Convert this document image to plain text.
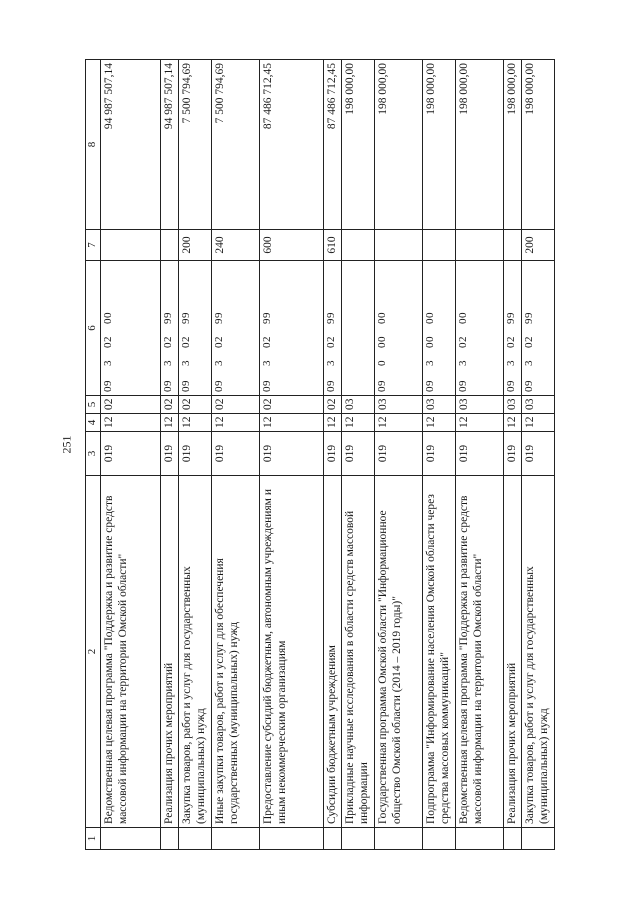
251
1	2	3	4	5	6	7	8
	Ведомственная целевая программа "Поддержка и развитие средств массовой информации на территории Омской области"	019	12	02	0930200		94 987 507,14
	Реализация прочих мероприятий	019	12	02	0930299		94 987 507,14
	Закупка товаров, работ и услуг для государственных (муниципальных) нужд	019	12	02	0930299	200	7 500 794,69
	Иные закупки товаров, работ и услуг для обеспечения государственных (муниципальных) нужд	019	12	02	0930299	240	7 500 794,69
	Предоставление субсидий бюджетным, автономным учреждениям и иным некоммерческим организациям	019	12	02	0930299	600	87 486 712,45
	Субсидии бюджетным учреждениям	019	12	02	0930299	610	87 486 712,45
	Прикладные научные исследования в области средств массовой информации	019	12	03			198 000,00
	Государственная программа Омской области "Информационное общество Омской области (2014 – 2019 годы)"	019	12	03	0900000		198 000,00
	Подпрограмма "Информирование населения Омской области через средства массовых коммуникаций"	019	12	03	0930000		198 000,00
	Ведомственная целевая программа "Поддержка и развитие средств массовой информации на территории Омской области"	019	12	03	0930200		198 000,00
	Реализация прочих мероприятий	019	12	03	0930299		198 000,00
	Закупка товаров, работ и услуг для государственных (муниципальных) нужд	019	12	03	0930299	200	198 000,00
